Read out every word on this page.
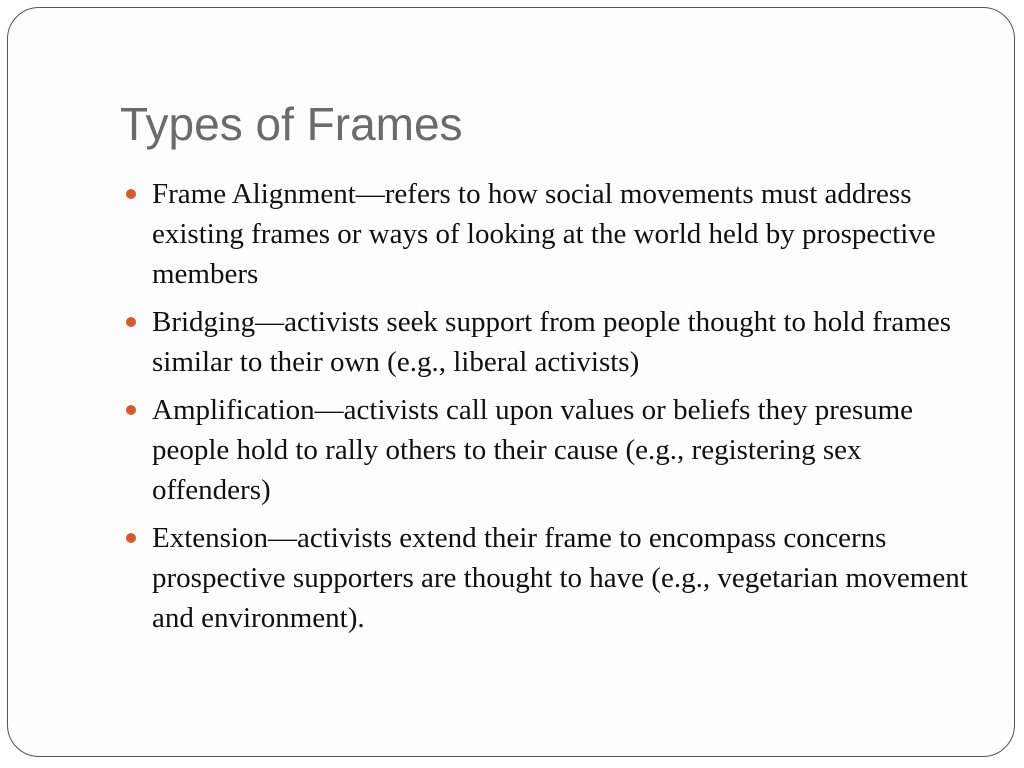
Types of Frames
Frame Alignment—refers to how social movements must address existing frames or ways of looking at the world held by prospective members
Bridging—activists seek support from people thought to hold frames similar to their own (e.g., liberal activists)
Amplification—activists call upon values or beliefs they presume people hold to rally others to their cause (e.g., registering sex offenders)
Extension—activists extend their frame to encompass concerns prospective supporters are thought to have (e.g., vegetarian movement and environment).
